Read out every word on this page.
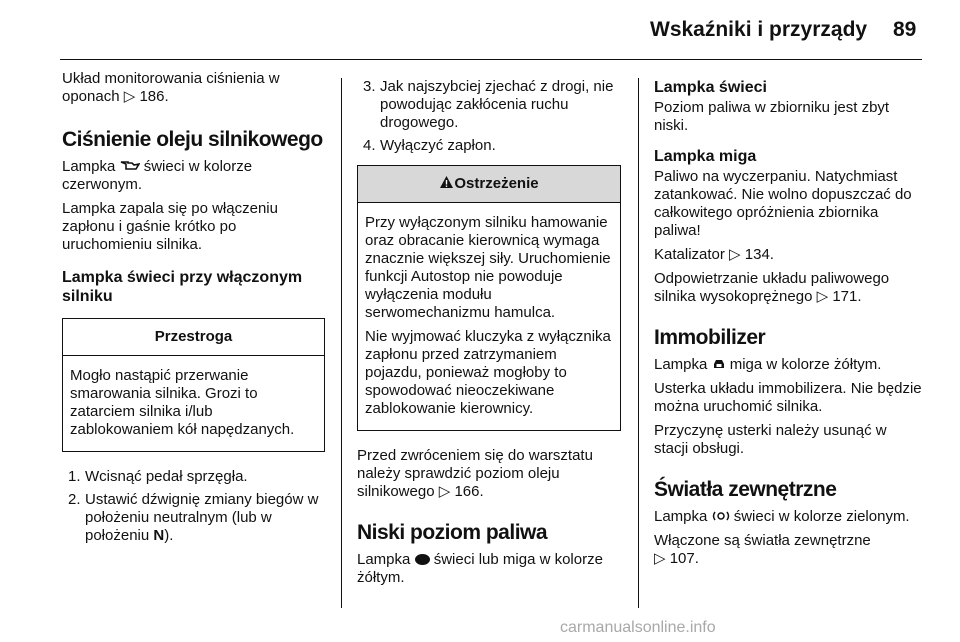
Wskaźniki i przyrządy 89

Układ monitorowania ciśnienia w oponach ▷ 186.

Ciśnienie oleju silnikowego

Lampka świeci w kolorze czerwonym.

Lampka zapala się po włączeniu zapłonu i gaśnie krótko po uruchomieniu silnika.

Lampka świeci przy włączonym silniku
Przestroga

Mogło nastąpić przerwanie smarowania silnika. Grozi to zatarciem silnika i/lub zablokowaniem kół napędzanych.

1. Wcisnąć pedał sprzęgła.
2. Ustawić dźwignię zmiany biegów w położeniu neutralnym (lub w położeniu N).
3. Jak najszybciej zjechać z drogi, nie powodując zakłócenia ruchu drogowego.
4. Wyłączyć zapłon.
Ostrzeżenie

Przy wyłączonym silniku hamowanie oraz obracanie kierownicą wymaga znacznie większej siły. Uruchomienie funkcji Autostop nie powoduje wyłączenia modułu serwomechanizmu hamulca.

Nie wyjmować kluczyka z wyłącznika zapłonu przed zatrzymaniem pojazdu, ponieważ mogłoby to spowodować nieoczekiwane zablokowanie kierownicy.

Przed zwróceniem się do warsztatu należy sprawdzić poziom oleju silnikowego ▷ 166.

Niski poziom paliwa

Lampka świeci lub miga w kolorze żółtym.

Lampka świeci

Poziom paliwa w zbiorniku jest zbyt niski.

Lampka miga

Paliwo na wyczerpaniu. Natychmiast zatankować. Nie wolno dopuszczać do całkowitego opróżnienia zbiornika paliwa!

Katalizator ▷ 134.

Odpowietrzanie układu paliwowego silnika wysokoprężnego ▷ 171.

Immobilizer

Lampka miga w kolorze żółtym.

Usterka układu immobilizera. Nie będzie można uruchomić silnika.

Przyczynę usterki należy usunąć w stacji obsługi.

Światła zewnętrzne

Lampka świeci w kolorze zielonym.

Włączone są światła zewnętrzne
▷ 107.

carmanualsonline.info
